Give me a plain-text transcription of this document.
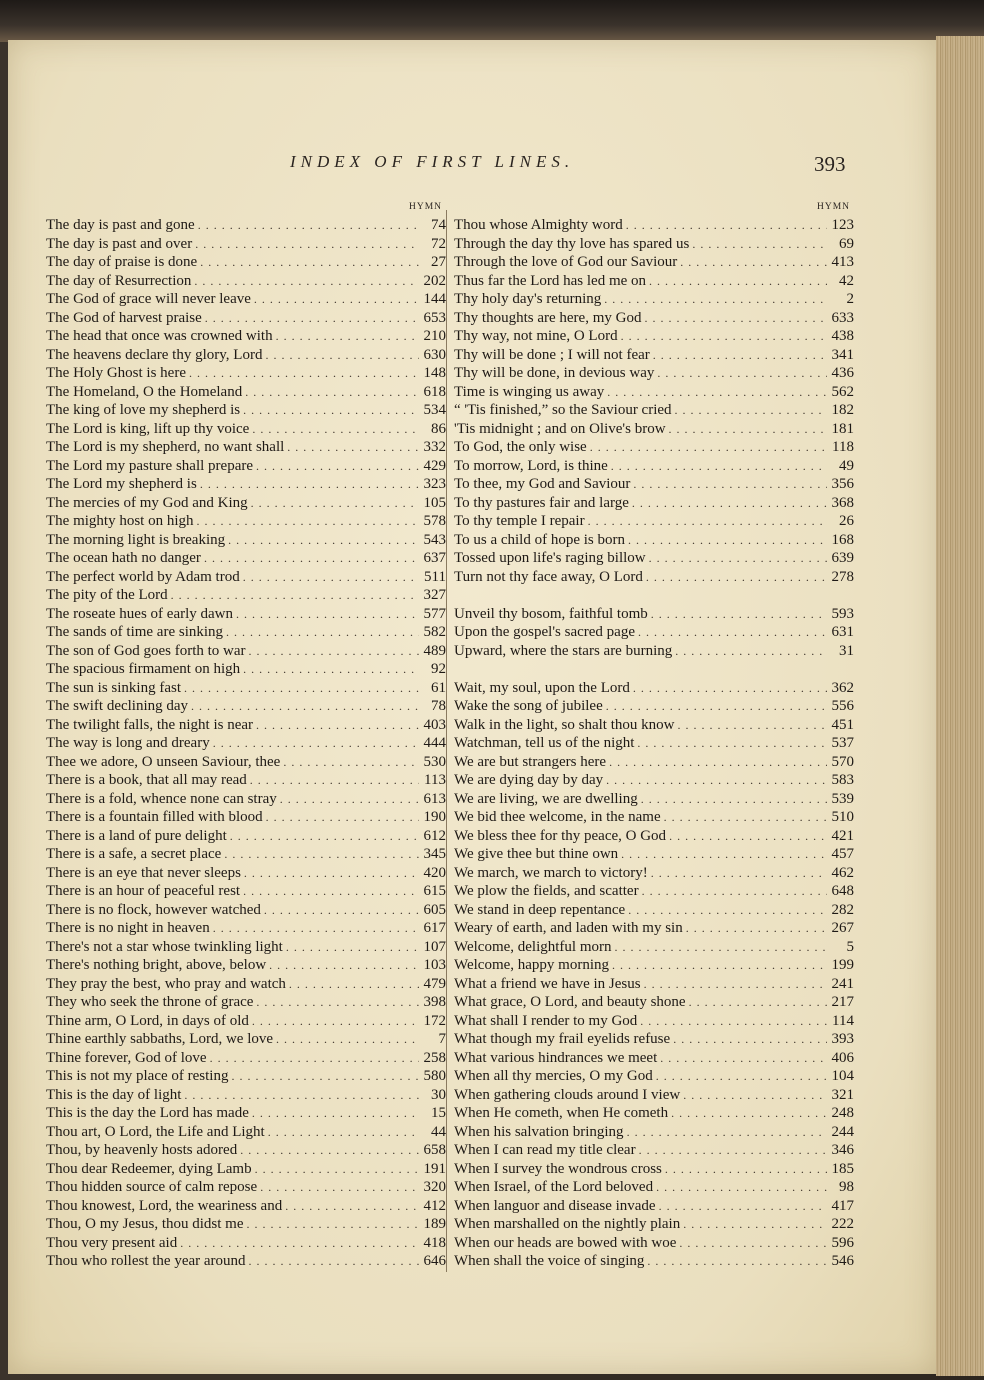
INDEX OF FIRST LINES.	393
HYMN
The day is past and gone . . .	74
The day is past and over . . .	72
The day of praise is done . . .	27
The day of Resurrection . . .	202
The God of grace will never leave . . .	144
The God of harvest praise . . .	653
The head that once was crowned with . . .	210
The heavens declare thy glory, Lord . . .	630
The Holy Ghost is here . . .	148
The Homeland, O the Homeland . . .	618
The king of love my shepherd is . . .	534
The Lord is king, lift up thy voice . . .	86
The Lord is my shepherd, no want shall . . .	332
The Lord my pasture shall prepare . . .	429
The Lord my shepherd is . . .	323
The mercies of my God and King . . .	105
The mighty host on high . . .	578
The morning light is breaking . . .	543
The ocean hath no danger . . .	637
The perfect world by Adam trod . . .	511
The pity of the Lord . . .	327
The roseate hues of early dawn . . .	577
The sands of time are sinking . . .	582
The son of God goes forth to war . . .	489
The spacious firmament on high . . .	92
The sun is sinking fast . . .	61
The swift declining day . . .	78
The twilight falls, the night is near . . .	403
The way is long and dreary . . .	444
Thee we adore, O unseen Saviour, thee . . .	530
There is a book, that all may read . . .	113
There is a fold, whence none can stray . . .	613
There is a fountain filled with blood . . .	190
There is a land of pure delight . . .	612
There is a safe, a secret place . . .	345
There is an eye that never sleeps . . .	420
There is an hour of peaceful rest . . .	615
There is no flock, however watched . . .	605
There is no night in heaven . . .	617
There's not a star whose twinkling light . . .	107
There's nothing bright, above, below . . .	103
They pray the best, who pray and watch . . .	479
They who seek the throne of grace . . .	398
Thine arm, O Lord, in days of old . . .	172
Thine earthly sabbaths, Lord, we love . . .	7
Thine forever, God of love . . .	258
This is not my place of resting . . .	580
This is the day of light . . .	30
This is the day the Lord has made . . .	15
Thou art, O Lord, the Life and Light . . .	44
Thou, by heavenly hosts adored . . .	658
Thou dear Redeemer, dying Lamb . . .	191
Thou hidden source of calm repose . . .	320
Thou knowest, Lord, the weariness and . . .	412
Thou, O my Jesus, thou didst me . . .	189
Thou very present aid . . .	418
Thou who rollest the year around . . .	646
HYMN
Thou whose Almighty word . . .	123
Through the day thy love has spared us . . .	69
Through the love of God our Saviour . . .	413
Thus far the Lord has led me on . . .	42
Thy holy day's returning . . .	2
Thy thoughts are here, my God . . .	633
Thy way, not mine, O Lord . . .	438
Thy will be done ; I will not fear . . .	341
Thy will be done, in devious way . . .	436
Time is winging us away . . .	562
“ 'Tis finished,” so the Saviour cried . . .	182
'Tis midnight ; and on Olive's brow . . .	181
To God, the only wise . . .	118
To morrow, Lord, is thine . . .	49
To thee, my God and Saviour . . .	356
To thy pastures fair and large . . .	368
To thy temple I repair . . .	26
To us a child of hope is born . . .	168
Tossed upon life's raging billow . . .	639
Turn not thy face away, O Lord . . .	278
Unveil thy bosom, faithful tomb . . .	593
Upon the gospel's sacred page . . .	631
Upward, where the stars are burning . . .	31
Wait, my soul, upon the Lord . . .	362
Wake the song of jubilee . . .	556
Walk in the light, so shalt thou know . . .	451
Watchman, tell us of the night . . .	537
We are but strangers here . . .	570
We are dying day by day . . .	583
We are living, we are dwelling . . .	539
We bid thee welcome, in the name . . .	510
We bless thee for thy peace, O God . . .	421
We give thee but thine own . . .	457
We march, we march to victory! . . .	462
We plow the fields, and scatter . . .	648
We stand in deep repentance . . .	282
Weary of earth, and laden with my sin . . .	267
Welcome, delightful morn . . .	5
Welcome, happy morning . . .	199
What a friend we have in Jesus . . .	241
What grace, O Lord, and beauty shone . . .	217
What shall I render to my God . . .	114
What though my frail eyelids refuse . . .	393
What various hindrances we meet . . .	406
When all thy mercies, O my God . . .	104
When gathering clouds around I view . . .	321
When He cometh, when He cometh . . .	248
When his salvation bringing . . .	244
When I can read my title clear . . .	346
When I survey the wondrous cross . . .	185
When Israel, of the Lord beloved . . .	98
When languor and disease invade . . .	417
When marshalled on the nightly plain . . .	222
When our heads are bowed with woe . . .	596
When shall the voice of singing . . .	546
